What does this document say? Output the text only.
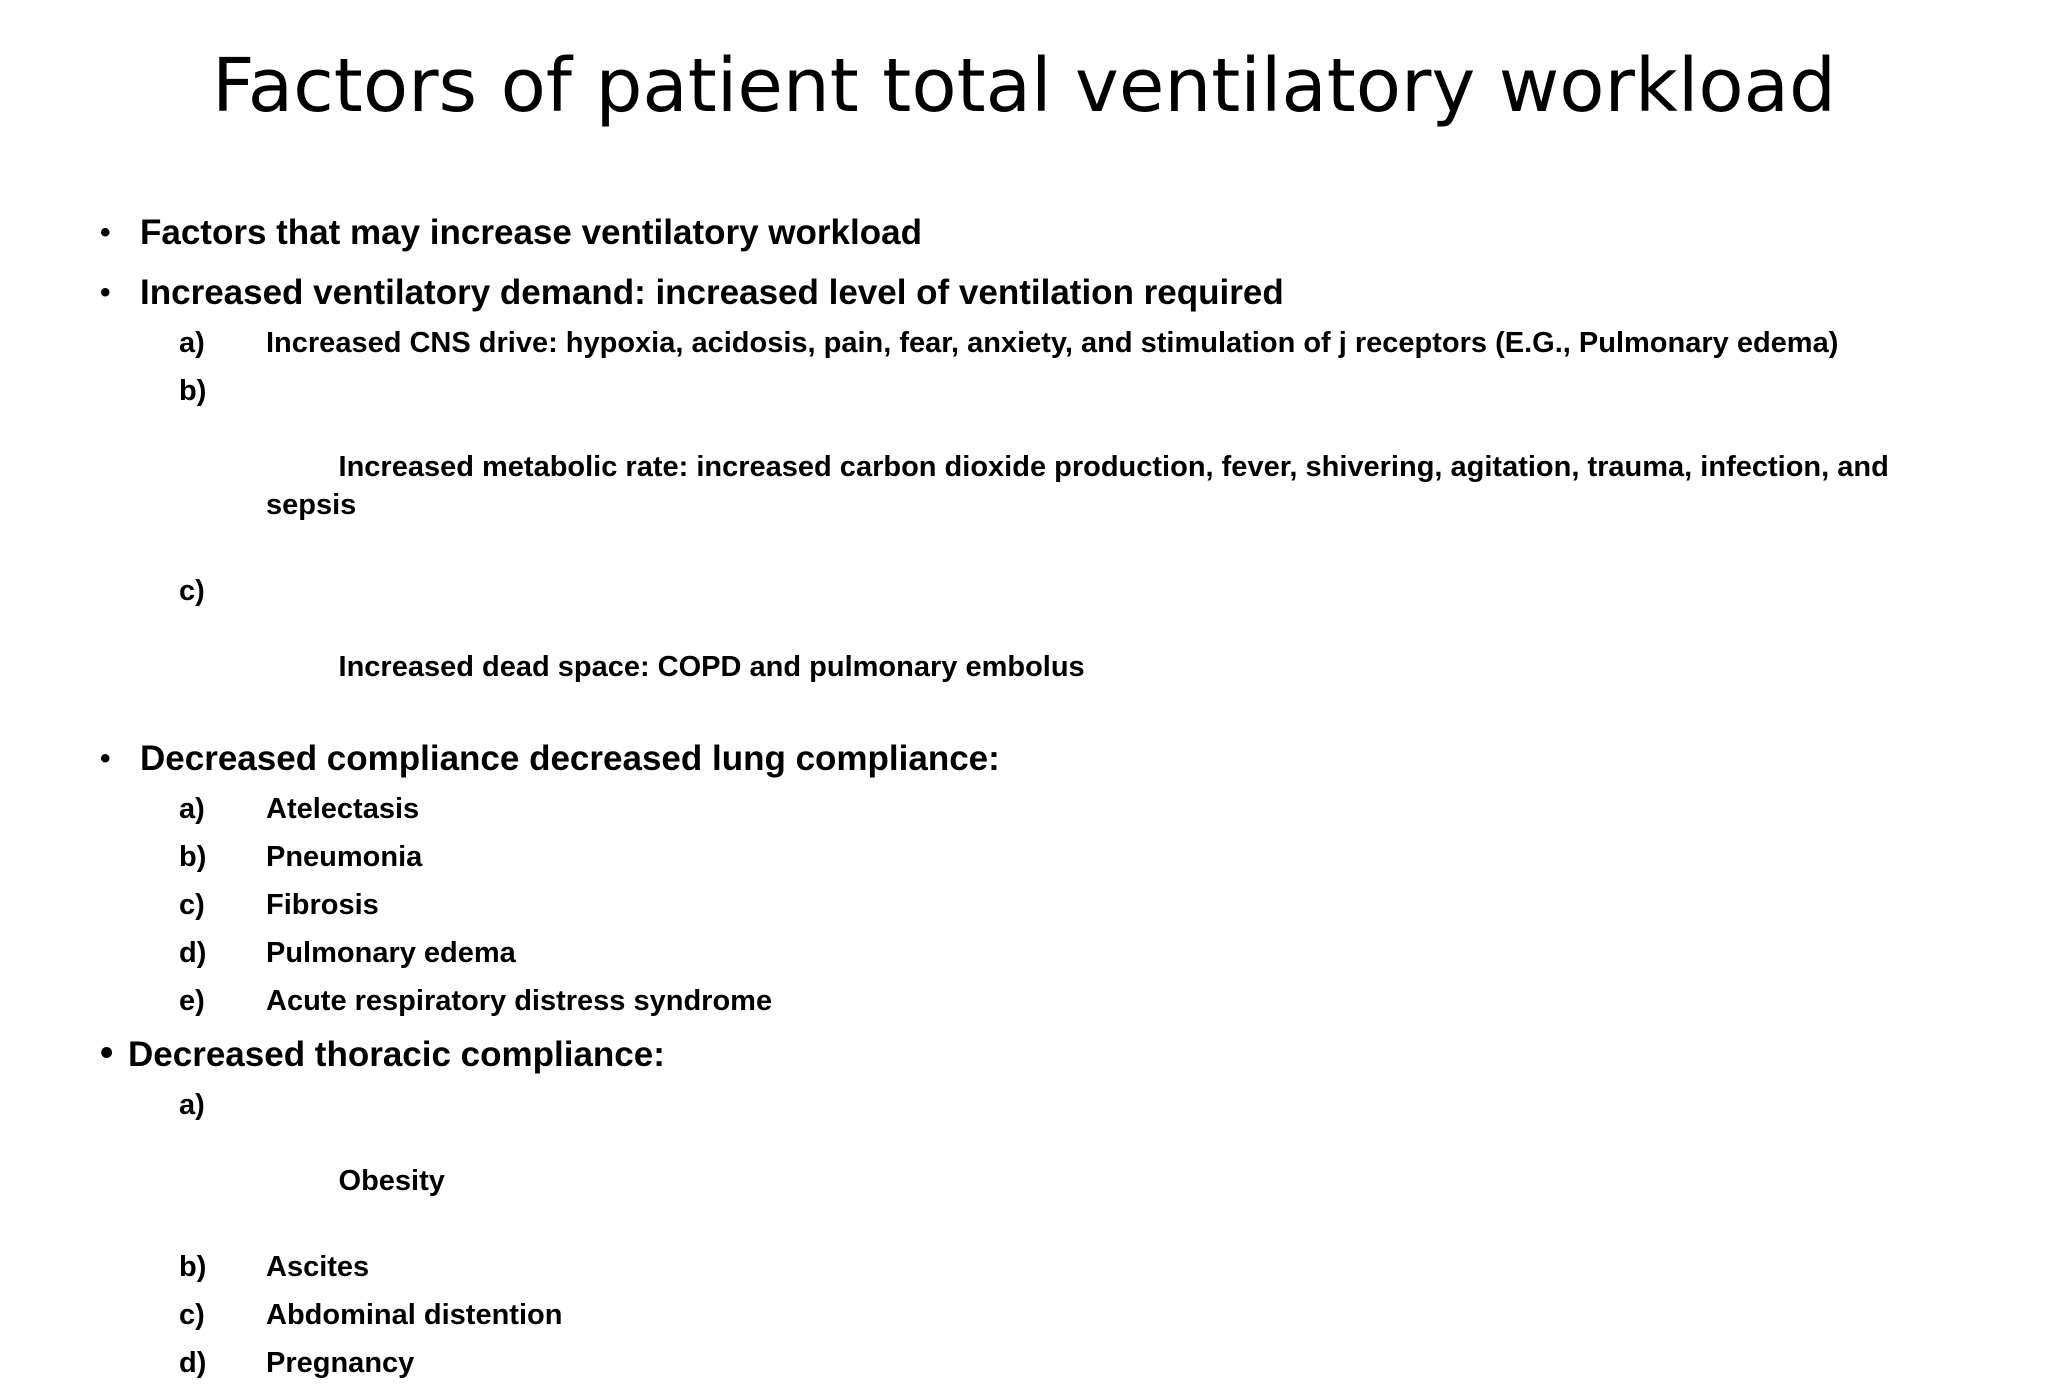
Factors of patient total ventilatory workload
• Factors that may increase ventilatory workload
• Increased ventilatory demand: increased level of ventilation required
a) Increased CNS drive: hypoxia, acidosis, pain, fear, anxiety, and stimulation of j receptors (E.G., Pulmonary edema)

b)

Increased metabolic rate: increased carbon dioxide production, fever, shivering, agitation, trauma, infection, and sepsis

c)

Increased dead space: COPD and pulmonary embolus

• Decreased compliance decreased lung compliance:
a) Atelectasis
b) Pneumonia
c) Fibrosis
d) Pulmonary edema
e) Acute respiratory distress syndrome
• Decreased thoracic compliance:

a)

Obesity

b) Ascites
c) Abdominal distention
d) Pregnancy
